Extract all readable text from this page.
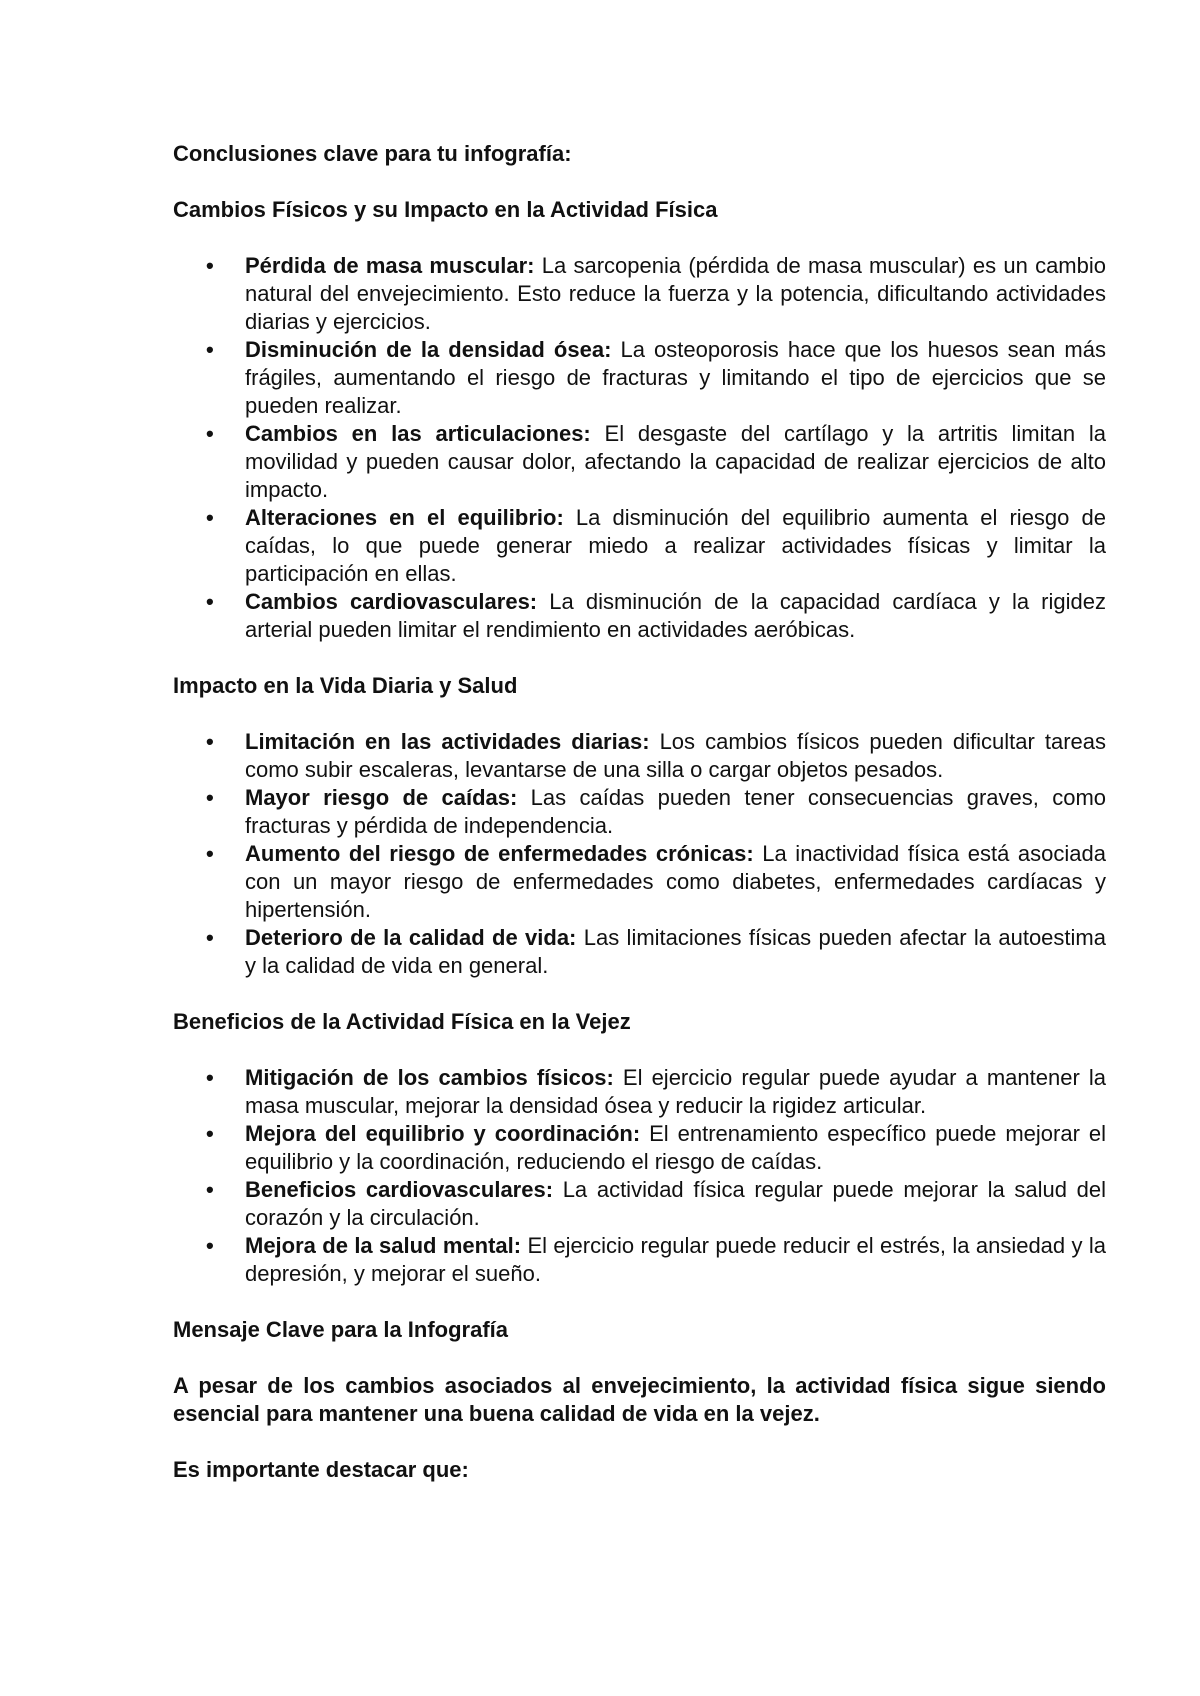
Conclusiones clave para tu infografía:

Cambios Físicos y su Impacto en la Actividad Física

• Pérdida de masa muscular: La sarcopenia (pérdida de masa muscular) es un cambio natural del envejecimiento. Esto reduce la fuerza y la potencia, dificultando actividades diarias y ejercicios.
• Disminución de la densidad ósea: La osteoporosis hace que los huesos sean más frágiles, aumentando el riesgo de fracturas y limitando el tipo de ejercicios que se pueden realizar.
• Cambios en las articulaciones: El desgaste del cartílago y la artritis limitan la movilidad y pueden causar dolor, afectando la capacidad de realizar ejercicios de alto impacto.
• Alteraciones en el equilibrio: La disminución del equilibrio aumenta el riesgo de caídas, lo que puede generar miedo a realizar actividades físicas y limitar la participación en ellas.
• Cambios cardiovasculares: La disminución de la capacidad cardíaca y la rigidez arterial pueden limitar el rendimiento en actividades aeróbicas.

Impacto en la Vida Diaria y Salud

• Limitación en las actividades diarias: Los cambios físicos pueden dificultar tareas como subir escaleras, levantarse de una silla o cargar objetos pesados.
• Mayor riesgo de caídas: Las caídas pueden tener consecuencias graves, como fracturas y pérdida de independencia.
• Aumento del riesgo de enfermedades crónicas: La inactividad física está asociada con un mayor riesgo de enfermedades como diabetes, enfermedades cardíacas y hipertensión.
• Deterioro de la calidad de vida: Las limitaciones físicas pueden afectar la autoestima y la calidad de vida en general.

Beneficios de la Actividad Física en la Vejez

• Mitigación de los cambios físicos: El ejercicio regular puede ayudar a mantener la masa muscular, mejorar la densidad ósea y reducir la rigidez articular.
• Mejora del equilibrio y coordinación: El entrenamiento específico puede mejorar el equilibrio y la coordinación, reduciendo el riesgo de caídas.
• Beneficios cardiovasculares: La actividad física regular puede mejorar la salud del corazón y la circulación.
• Mejora de la salud mental: El ejercicio regular puede reducir el estrés, la ansiedad y la depresión, y mejorar el sueño.

Mensaje Clave para la Infografía

A pesar de los cambios asociados al envejecimiento, la actividad física sigue siendo esencial para mantener una buena calidad de vida en la vejez.

Es importante destacar que:
